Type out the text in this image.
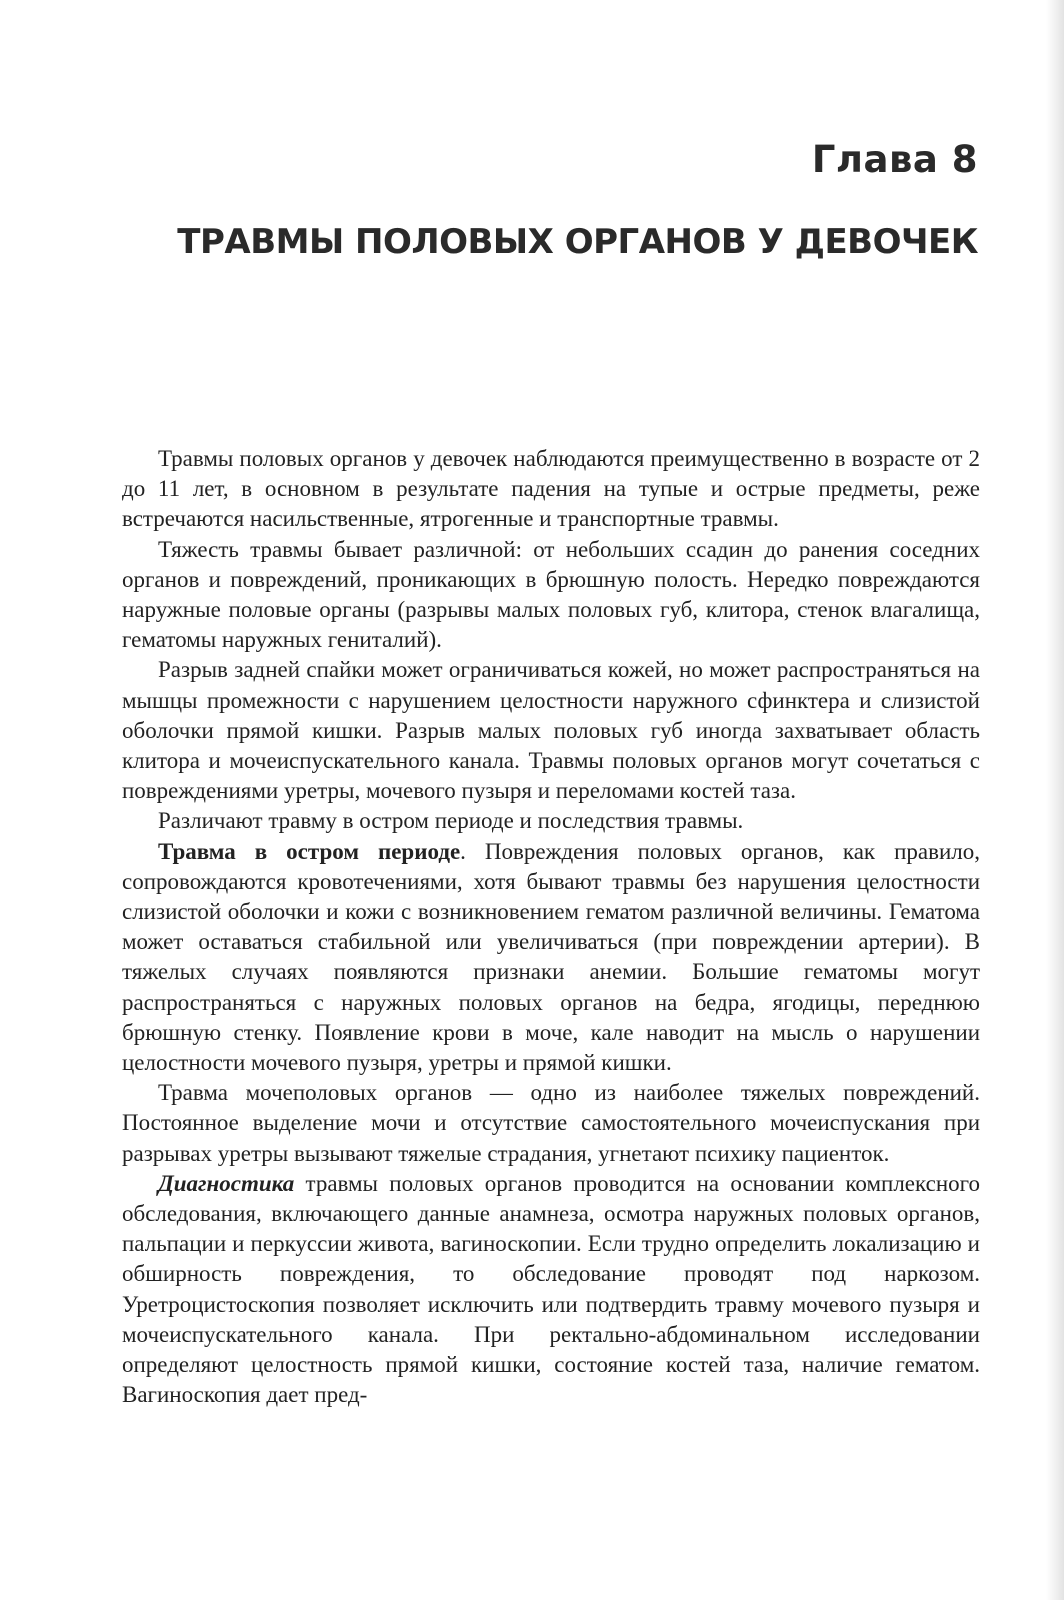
Глава 8
ТРАВМЫ ПОЛОВЫХ ОРГАНОВ У ДЕВОЧЕК

Травмы половых органов у девочек наблюдаются преимущественно в возрасте от 2 до 11 лет, в основном в результате падения на тупые и острые предметы, реже встречаются насильственные, ятрогенные и транспортные травмы.

Тяжесть травмы бывает различной: от небольших ссадин до ранения соседних органов и повреждений, проникающих в брюшную полость. Нередко повреждаются наружные половые органы (разрывы малых половых губ, клитора, стенок влагалища, гематомы наружных гениталий).

Разрыв задней спайки может ограничиваться кожей, но может распространяться на мышцы промежности с нарушением целостности наружного сфинктера и слизистой оболочки прямой кишки. Разрыв малых половых губ иногда захватывает область клитора и мочеиспускательного канала. Травмы половых органов могут сочетаться с повреждениями уретры, мочевого пузыря и переломами костей таза.

Различают травму в остром периоде и последствия травмы.

Травма в остром периоде. Повреждения половых органов, как правило, сопровождаются кровотечениями, хотя бывают травмы без нарушения целостности слизистой оболочки и кожи с возникновением гематом различной величины. Гематома может оставаться стабильной или увеличиваться (при повреждении артерии). В тяжелых случаях появляются признаки анемии. Большие гематомы могут распространяться с наружных половых органов на бедра, ягодицы, переднюю брюшную стенку. Появление крови в моче, кале наводит на мысль о нарушении целостности мочевого пузыря, уретры и прямой кишки.

Травма мочеполовых органов — одно из наиболее тяжелых повреждений. Постоянное выделение мочи и отсутствие самостоятельного мочеиспускания при разрывах уретры вызывают тяжелые страдания, угнетают психику пациенток.

Диагностика травмы половых органов проводится на основании комплексного обследования, включающего данные анамнеза, осмотра наружных половых органов, пальпации и перкуссии живота, вагиноскопии. Если трудно определить локализацию и обширность повреждения, то обследование проводят под наркозом. Уретроцистоскопия позволяет исключить или подтвердить травму мочевого пузыря и мочеиспускательного канала. При ректально-абдоминальном исследовании определяют целостность прямой кишки, состояние костей таза, наличие гематом. Вагиноскопия дает пред-
